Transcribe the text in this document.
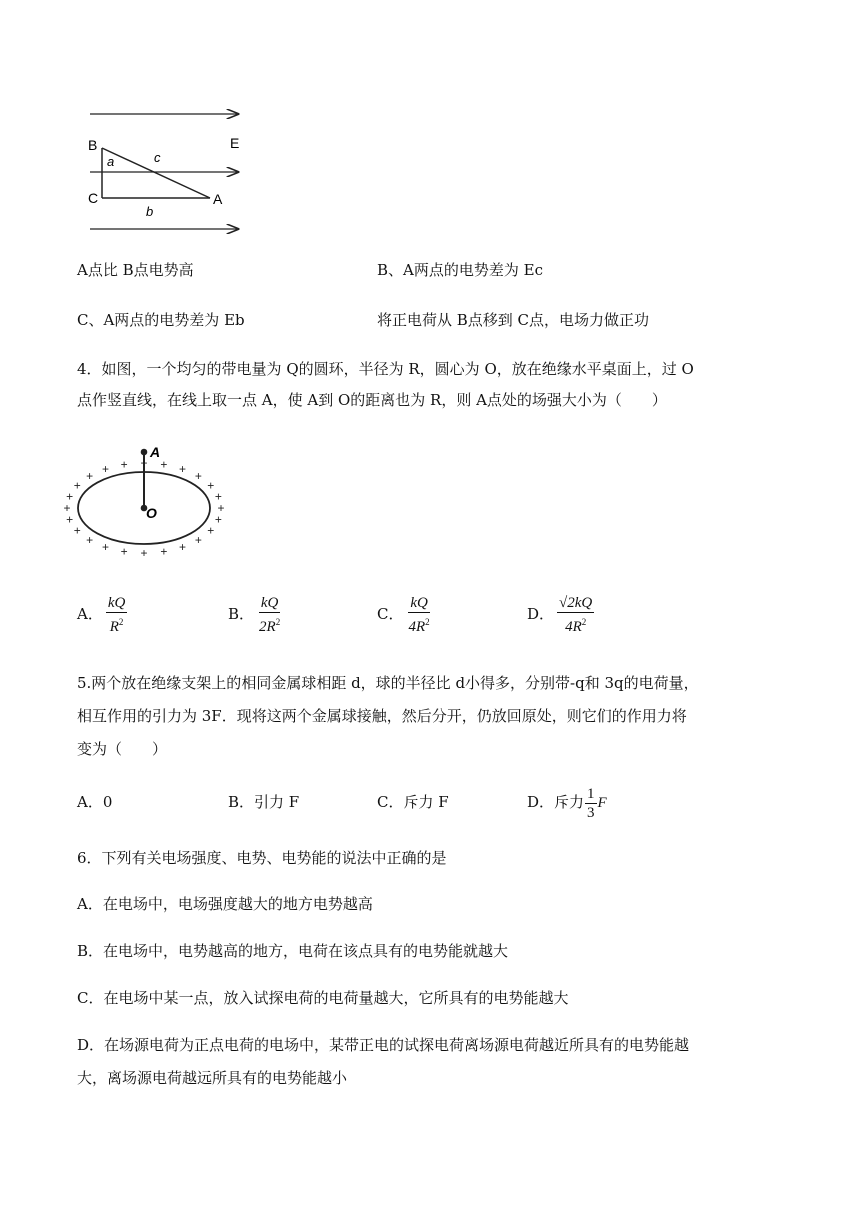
B	E
a	c
C	A
b
A点比 B点电势高	B、A两点的电势差为 Ec
C、A两点的电势差为 Eb	将正电荷从 B点移到 C点，电场力做正功
4．如图，一个均匀的带电量为 Q的圆环，半径为 R，圆心为 O，放在绝缘水平桌面上，过 O
点作竖直线，在线上取一点 A，使 A到 O的距离也为 R，则 A点处的场强大小为（　　）
A
O	+
+
+
+
+
+
+
+
+
+
+
+
+
+
+
+
+ + + + +
+
+
+
A． $\frac{kQ}{R^2}$	B． $\frac{kQ}{2R^2}$	C． $\frac{kQ}{4R^2}$	D． $\frac{√2kQ}{4R^2}$
5.两个放在绝缘支架上的相同金属球相距 d，球的半径比 d小得多，分别带-q和 3q的电荷量，
相互作用的引力为 3F．现将这两个金属球接触，然后分开，仍放回原处，则它们的作用力将
变为（　　）
A．0	B．引力 F	C．斥力 F	D．斥力 $\frac{1}{3}$ F
6．下列有关电场强度、电势、电势能的说法中正确的是
A．在电场中，电场强度越大的地方电势越高
B．在电场中，电势越高的地方，电荷在该点具有的电势能就越大
C．在电场中某一点，放入试探电荷的电荷量越大，它所具有的电势能越大
D．在场源电荷为正点电荷的电场中，某带正电的试探电荷离场源电荷越近所具有的电势能越
大，离场源电荷越远所具有的电势能越小
